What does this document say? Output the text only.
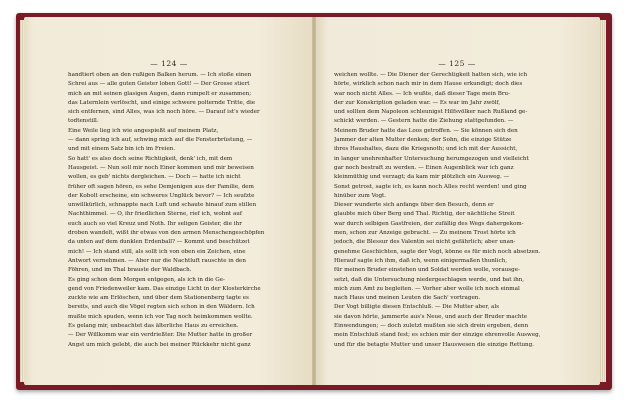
— 124 —
handtiert oben an den rußigen Balken herum. — Ich stoße einen
Schrei aus — alle guten Geister loben Gott! — Der Grosse stiert
mich an mit seinen glasigen Augen, dann rumpelt er zusammen;
das Laternlein verlöscht, und einige schwere polternde Tritte, die
sich entfernen, sind Alles, was ich noch höre. — Darauf ist's wieder
todtenstill.
Eine Weile lieg ich wie angespießt auf meinem Platz,
— dann spring ich auf, schwing mich auf die Fensterbrüstung, —
und mit einem Satz bin ich im Freien.
So hatt' es also doch seine Richtigkeit, denk' ich, mit dem
Hausgeist. — Nun soll mir noch Einer kommen und mir beweisen
wollen, es geb' nichts dergleichen. — Doch — hatte ich nicht
früher oft sagen hören, es sehe Demjenigen aus der Familie, dem
der Kobolt erscheine, ein schweres Unglück bevor? — Ich seufzte
unwillkürlich, schnappte nach Luft und schaute hinauf zum stillen
Nachthimmel. — O, ihr friedlichen Sterne, rief ich, wohnt auf
euch auch so viel Kreuz und Noth. Ihr seligen Geister, die ihr
droben wandelt, wißt ihr etwas von den armen Menschengeschöpfen
da unten auf dem dunklen Erdenball? — Kommt und beschützet
mich! — Ich stand still, als sollt ich von oben ein Zeichen, eine
Antwort vernehmen. — Aber nur die Nachtluft rauschte in den
Föhren, und im Thal brauste der Waldbach.
Es ging schon dem Morgen entgegen, als ich in die Ge-
gend von Friedenweiler kam. Das einzige Licht in der Klosterkirche
zuckte wie am Erlöschen, und über dem Stationenberg tagte es
bereits, und auch die Vögel regten sich schon in den Wäldern. Ich
mußte mich spuden, wenn ich vor Tag noch heimkommen wollte.
Es gelang mir, unbeachtet das älterliche Haus zu erreichen.
— Der Willkomm war ein verdrießter. Die Mutter hatte in großer
Angst um mich gelebt, die auch bei meiner Rückkehr nicht ganz
— 125 —
weichen wollte. — Die Diener der Gerechtigkeit hatten sich, wie ich
hörte, wirklich schon nach mir in dem Hause erkundigt; doch dies
war noch nicht Alles. — Ich wußte, daß dieser Tage mein Bru-
der zur Konskription geladen war. — Es war im Jahr zwölf,
und sollten dem Napoleon schleunigst Hilfsvölker nach Rußland ge-
schickt werden. — Gestern hatte die Ziehung stattgefunden. —
Meinem Bruder hatte das Loos getroffen. — Sie können sich den
Jammer der alten Mutter denken; der Sohn, die einzige Stütze
ihres Haushaltes, dazu die Kriegsnoth; und ich mit der Aussicht,
in langer unehrenhafter Untersuchung herumgezogen und vielleicht
gar noch bestraft zu werden. — Einen Augenblick war ich ganz
kleinmüthig und verzagt; da kam mir plötzlich ein Ausweg. —
Sonst getrost, sagte ich, es kann noch Alles recht werden! und ging
hinüber zum Vogt.
Dieser wunderte sich anfangs über den Besuch, denn er
glaubte mich über Berg und Thal. Richtig, der nächtliche Streit
war durch selbigen Gastfreien, der zufällig des Wegs dahergekom-
men, schon zur Anzeige gebracht. — Zu meinem Trost hörte ich
jedoch, die Blessur des Valentin sei nicht gefährlich; aber unan-
genehme Geschichten, sagte der Vogt, könne es für mich noch absetzen.
Hierauf sagte ich ihm, daß ich, wenn einigermaßen thunlich,
für meinen Bruder einstehen und Soldat werden wolle, vorausge-
setzt, daß die Untersuchung niedergeschlagen werde, und bat ihn,
mich zum Amt zu begleiten. — Vorher aber wolle ich noch einmal
nach Haus und meinen Leuten die Sach' vortragen.
Der Vogt billigte diesen Entschluß. — Die Mutter aber, als
sie davon hörte, jammerte aus's Neue, und auch der Bruder machte
Einwendungen; — doch zuletzt mußten sie sich drein ergeben, denn
mein Entschluß stand fest; es schien mir der einzige ehrenvolle Ausweg,
und für die betagte Mutter und unser Hauswesen die einzige Rettung.
